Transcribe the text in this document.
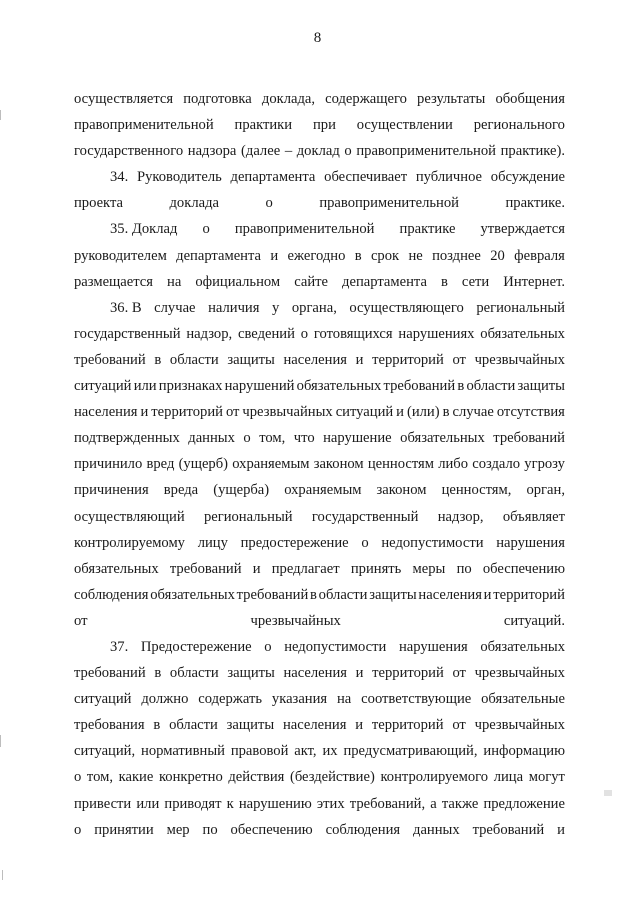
8
осуществляется подготовка доклада, содержащего результаты обобщения
правоприменительной практики при осуществлении регионального
государственного надзора (далее – доклад о правоприменительной практике).
34. Руководитель департамента обеспечивает публичное обсуждение
проекта доклада о правоприменительной практике.
35. Доклад о правоприменительной практике утверждается
руководителем департамента и ежегодно в срок не позднее 20 февраля
размещается на официальном сайте департамента в сети Интернет.
36. В случае наличия у органа, осуществляющего региональный
государственный надзор, сведений о готовящихся нарушениях обязательных
требований в области защиты населения и территорий от чрезвычайных
ситуаций или признаках нарушений обязательных требований в области защиты
населения и территорий от чрезвычайных ситуаций и (или) в случае отсутствия
подтвержденных данных о том, что нарушение обязательных требований
причинило вред (ущерб) охраняемым законом ценностям либо создало угрозу
причинения вреда (ущерба) охраняемым законом ценностям, орган,
осуществляющий региональный государственный надзор, объявляет
контролируемому лицу предостережение о недопустимости нарушения
обязательных требований и предлагает принять меры по обеспечению
соблюдения обязательных требований в области защиты населения и территорий
от чрезвычайных ситуаций.
37. Предостережение о недопустимости нарушения обязательных
требований в области защиты населения и территорий от чрезвычайных
ситуаций должно содержать указания на соответствующие обязательные
требования в области защиты населения и территорий от чрезвычайных
ситуаций, нормативный правовой акт, их предусматривающий, информацию
о том, какие конкретно действия (бездействие) контролируемого лица могут
привести или приводят к нарушению этих требований, а также предложение
о принятии мер по обеспечению соблюдения данных требований и
